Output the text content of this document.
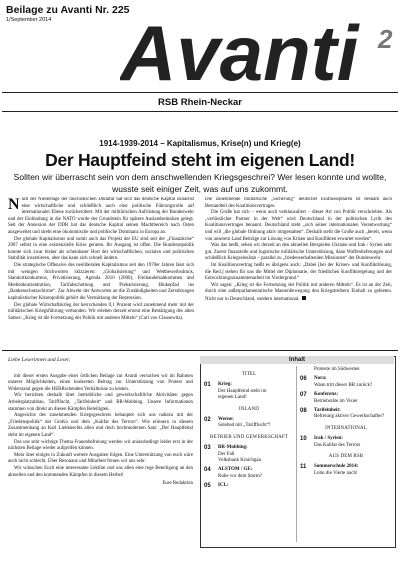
Beilage zu Avanti Nr. 225
1/September 2014 Avanti 2
RSB Rhein-Neckar
1914-1939-2014 – Kapitalismus, Krise(n) und Krieg(e)
Der Hauptfeind steht im eigenen Land!
Sollten wir überrascht sein von dem anschwellenden Kriegsgeschrei? Wer lesen konnte und wollte, wusste seit einiger Zeit, was auf uns zukommt.
N ach der Niederlage der faschistischen Diktatur hat sich das deutsche Kapital zunächst eine wirtschaftliche und schließlich auch eine politische Führungsrolle auf internationaler Ebene zurückerobert. Mit der militärischen Aufrüstung der Bundeswehr und der Einbindung in die NATO wurde der Grundstein für spätere Auslandseinsätze gelegt. Seit der Annexion der DDR hat das deutsche Kapital seinen Machtbereich nach Osten ausgeweitet und strebt eine ökonomische und politische Dominanz in Europa an.

Der globale Kapitalismus und somit auch das Projekt der EU sind seit der „Finanzkrise“ 2007 selbst in eine existenzielle Krise geraten. Ihr Ausgang ist offen. Die Bundesrepublik konnte sich zwar bisher als scheinbarer Hort der wirtschaftlichen, sozialen und politischen Stabilität inszenieren, aber das kann sich schnell ändern.

Die strategische Offensive des neoliberalen Kapitalismus seit den 1970er Jahren lässt sich mit wenigen Stichworten skizzieren: „Globalisierung“ und Wettbewerbsdruck, Standortkonkurrenz, Privatisierung, Agenda 2010 (2000), Freihandelsabkommen und Medienkonzentration, Tarifabschottung und Prekarisierung, Hinkepfad ins „Bankenschutzschirme“. Zur Abwehr der Antworten an die Zuständigkeiten und Zerstörungen kapitalistischer Krisenpolitik gehört die Verstärkung der Repression.

Der globale Wirtschaftskrieg der herrschenden 0,1 Prozent wird zunehmend mehr mit der militärischen Kriegsführung verbunden. Wir erleben derzeit erneut eine Bestätigung des alten Satzes: „Krieg ist die Fortsetzung der Politik mit anderen Mitteln“ (Carl von Clausewitz).

Die zunehmende militärische „Sicherung“ deutscher Einflusssphären ist deshalb auch Bestandteil des Koalitionsvertrages.

Die Große hat sich – wenn auch verklausuliert – dieser Art von Politik verschrieben. Als „verlässlicher Partner in der Welt“ wird Deutschland in der politischen Lyrik des Koalitionsvertrages benannt. Deutschland steht „sich seiner internationalen Verantwortung“ und will „die globale Ordnung aktiv mitgestalten“. Deshalb stellt die Große auch „bereit, wenn von unserem Land Beiträge zur Lösung von Krisen und Konflikten erwartet werden“.

Was das heißt, sehen wir derzeit an den aktuellen Beispielen Ukraine und Irak / Syrien sehr gut. Zuerst finanzielle und logistische militärische Unterstützung, dann Waffenlieferungen und schließlich Kriegseinsätze – parallel zu „friedenserhaltenden Missionen“ der Bundeswehr.

Im Koalitionsvertrag heißt es übrigens auch: „Dabei [bei der Krisen- und Konfliktlösung, die Red.] stehen für uns die Mittel der Diplomatie, der friedlichen Konfliktregelung und der Entwicklungszusammenarbeit im Vordergrund.“

Wir sagen: „Krieg ist die Fortsetzung der Politik mit anderen Mitteln“. Es ist an der Zeit, durch eine außerparlamentarische Massenbewegung den Kriegstreibern Einhalt zu gebieten. Nicht nur in Deutschland, sondern international.

Liebe Leserinnen und Leser,

mit dieser ersten Ausgabe einer örtlichen Beilage zur Avanti versuchen wir im Rahmen unserer Möglichkeiten, einen konkreten Beitrag zur Unterstützung von Protest und Widerstand gegen die HERRschenden Verhältnisse zu leisten.

Wir berichten deshalb über betriebliche und gewerkschaftliche Aktivitäten gegen Arbeitsplatzabbau, Tarifflucht, „Tarifeinheit“ und BR-Mobbing. Unsere Informationen stammen von direkt an diesen Kämpfen Beteiligten.

Angesichts des zunehmenden Kriegsgeschreis behauptet sich uns nahezu mit der „Friedenspolitik“ der GroKo und dem „Kalifat des Terrors“. Wie erinnern in diesem Zusammenhang an Karl Liebknechts allen und doch hochmodernen Satz: „Der Hauptfeind steht im eigenen Land“.

Das uns sehr wichtige Thema Frauenbefreiung werden wir anlassbedingt leider erst in der nächsten Beilage wieder aufgreifen können.

Mehr über einiges in Zukunft weitere Ausgaben folgen. Eine Unterstützung von euch wäre auch nicht schlecht. Über Resonanz und Mitarbeit freuen wir uns sehr.

Wir wünschen Euch eine interessante Lektüre und uns allen eine rege Beteiligung an den aktuellen und den kommenden Kämpfen in diesem Herbst!

Eure Redaktion
Inhalt
TITEL
01	Krieg:
Der Hauptfeind steht im
eigenen Land!
INLAND
02	Werne:
Solebad mit „Tarifflucht“!
BETRIEB UND GEWERKSCHAFT
03	BR-Mobbing:
Der Fall
Volksbank Kraichgau
04	ALSTOM / GE:
Ruhe vor dem Sturm?
05	ICL:
Proteste im Südwesten
06	Nora:
Wann tritt dieser BR zurück?
07	Konferenz:
Betriebsräte im Visier
08	Tarifeinheit:
Befreiung aktiver Gewerkschafter?
INTERNATIONAL
10	Irak / Syrien:
Das Kalifat des Terrors
AUS DEM RSB
11	Sommerschule 2014:
Lohn die Vierte nach!
